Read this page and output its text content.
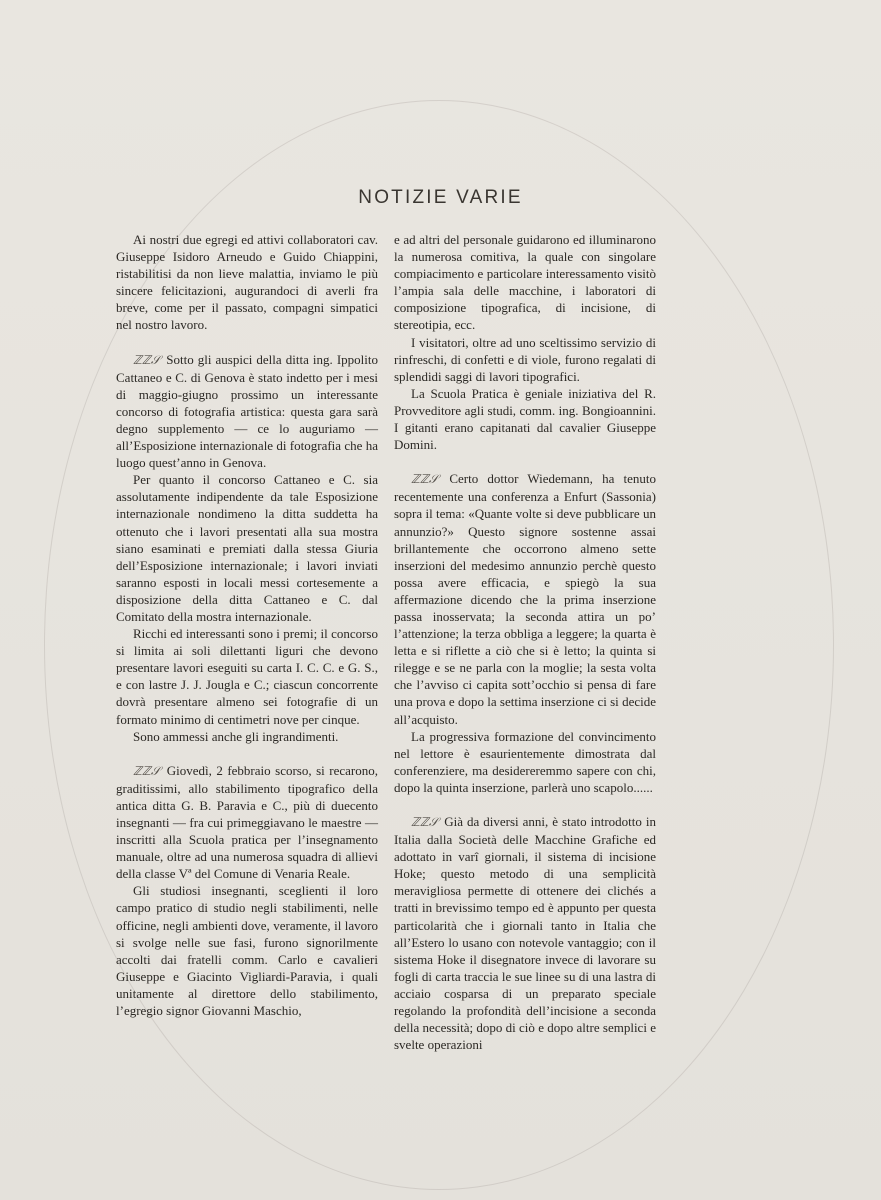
NOTIZIE VARIE

Ai nostri due egregi ed attivi collaboratori cav. Giuseppe Isidoro Arneudo e Guido Chiappini, ristabilitisi da non lieve malattia, inviamo le più sincere felicitazioni, augurandoci di averli fra breve, come per il passato, compagni simpatici nel nostro lavoro.

ℤℤ𝒮 Sotto gli auspici della ditta ing. Ippolito Cattaneo e C. di Genova è stato indetto per i mesi di maggio-giugno prossimo un interessante concorso di fotografia artistica: questa gara sarà degno supplemento — ce lo auguriamo — all’Esposizione internazionale di fotografia che ha luogo quest’anno in Genova.

Per quanto il concorso Cattaneo e C. sia assolutamente indipendente da tale Esposizione internazionale nondimeno la ditta suddetta ha ottenuto che i lavori presentati alla sua mostra siano esaminati e premiati dalla stessa Giuria dell’Esposizione internazionale; i lavori inviati saranno esposti in locali messi cortesemente a disposizione della ditta Cattaneo e C. dal Comitato della mostra internazionale.

Ricchi ed interessanti sono i premi; il concorso si limita ai soli dilettanti liguri che devono presentare lavori eseguiti su carta I. C. C. e G. S., e con lastre J. J. Jougla e C.; ciascun concorrente dovrà presentare almeno sei fotografie di un formato minimo di centimetri nove per cinque.

Sono ammessi anche gli ingrandimenti.

ℤℤ𝒮 Giovedì, 2 febbraio scorso, si recarono, graditissimi, allo stabilimento tipografico della antica ditta G. B. Paravia e C., più di duecento insegnanti — fra cui primeggiavano le maestre — inscritti alla Scuola pratica per l’insegnamento manuale, oltre ad una numerosa squadra di allievi della classe Vª del Comune di Venaria Reale.

Gli studiosi insegnanti, sceglienti il loro campo pratico di studio negli stabilimenti, nelle officine, negli ambienti dove, veramente, il lavoro si svolge nelle sue fasi, furono signorilmente accolti dai fratelli comm. Carlo e cavalieri Giuseppe e Giacinto Vigliardi-Paravia, i quali unitamente al direttore dello stabilimento, l’egregio signor Giovanni Maschio,

e ad altri del personale guidarono ed illuminarono la numerosa comitiva, la quale con singolare compiacimento e particolare interessamento visitò l’ampia sala delle macchine, i laboratori di composizione tipografica, di incisione, di stereotipia, ecc.

I visitatori, oltre ad uno sceltissimo servizio di rinfreschi, di confetti e di viole, furono regalati di splendidi saggi di lavori tipografici.

La Scuola Pratica è geniale iniziativa del R. Provveditore agli studi, comm. ing. Bongioannini. I gitanti erano capitanati dal cavalier Giuseppe Domini.

ℤℤ𝒮 Certo dottor Wiedemann, ha tenuto recentemente una conferenza a Enfurt (Sassonia) sopra il tema: «Quante volte si deve pubblicare un annunzio?» Questo signore sostenne assai brillantemente che occorrono almeno sette inserzioni del medesimo annunzio perchè questo possa avere efficacia, e spiegò la sua affermazione dicendo che la prima inserzione passa inosservata; la seconda attira un po’ l’attenzione; la terza obbliga a leggere; la quarta è letta e si riflette a ciò che si è letto; la quinta si rilegge e se ne parla con la moglie; la sesta volta che l’avviso ci capita sott’occhio si pensa di fare una prova e dopo la settima inserzione ci si decide all’acquisto.

La progressiva formazione del convincimento nel lettore è esaurientemente dimostrata dal conferenziere, ma desidereremmo sapere con chi, dopo la quinta inserzione, parlerà uno scapolo......

ℤℤ𝒮 Già da diversi anni, è stato introdotto in Italia dalla Società delle Macchine Grafiche ed adottato in varî giornali, il sistema di incisione Hoke; questo metodo di una semplicità meravigliosa permette di ottenere dei clichés a tratti in brevissimo tempo ed è appunto per questa particolarità che i giornali tanto in Italia che all’Estero lo usano con notevole vantaggio; con il sistema Hoke il disegnatore invece di lavorare su fogli di carta traccia le sue linee su di una lastra di acciaio cosparsa di un preparato speciale regolando la profondità dell’incisione a seconda della necessità; dopo di ciò e dopo altre semplici e svelte operazioni
